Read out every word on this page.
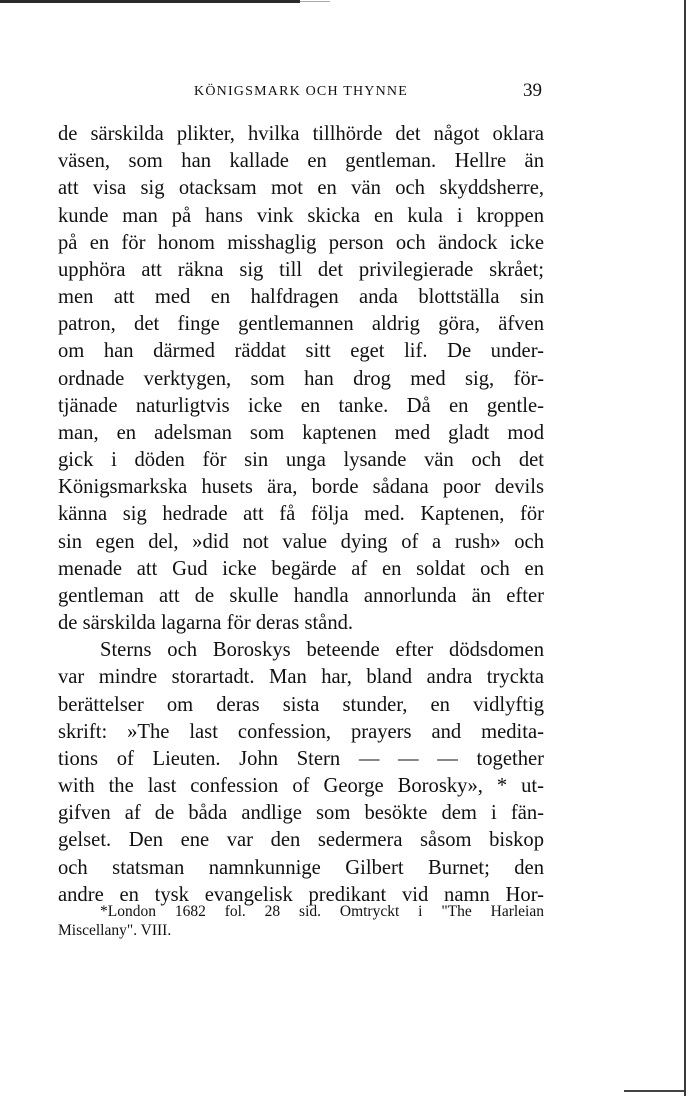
KÖNIGSMARK OCH THYNNE	39
de särskilda plikter, hvilka tillhörde det något oklara
väsen, som han kallade en gentleman. Hellre än
att visa sig otacksam mot en vän och skyddsherre,
kunde man på hans vink skicka en kula i kroppen
på en för honom misshaglig person och ändock icke
upphöra att räkna sig till det privilegierade skrået;
men att med en halfdragen anda blottställa sin
patron, det finge gentlemannen aldrig göra, äfven
om han därmed räddat sitt eget lif. De under-
ordnade verktygen, som han drog med sig, för-
tjänade naturligtvis icke en tanke. Då en gentle-
man, en adelsman som kaptenen med gladt mod
gick i döden för sin unga lysande vän och det
Königsmarkska husets ära, borde sådana poor devils
känna sig hedrade att få följa med. Kaptenen, för
sin egen del, »did not value dying of a rush» och
menade att Gud icke begärde af en soldat och en
gentleman att de skulle handla annorlunda än efter
de särskilda lagarna för deras stånd.
Sterns och Boroskys beteende efter dödsdomen
var mindre storartadt. Man har, bland andra tryckta
berättelser om deras sista stunder, en vidlyftig
skrift: »The last confession, prayers and medita-
tions of Lieuten. John Stern — — — together
with the last confession of George Borosky», * ut-
gifven af de båda andlige som besökte dem i fän-
gelset. Den ene var den sedermera såsom biskop
och statsman namnkunnige Gilbert Burnet; den
andre en tysk evangelisk predikant vid namn Hor-
*London 1682 fol. 28 sid. Omtryckt i "The Harleian
Miscellany". VIII.
